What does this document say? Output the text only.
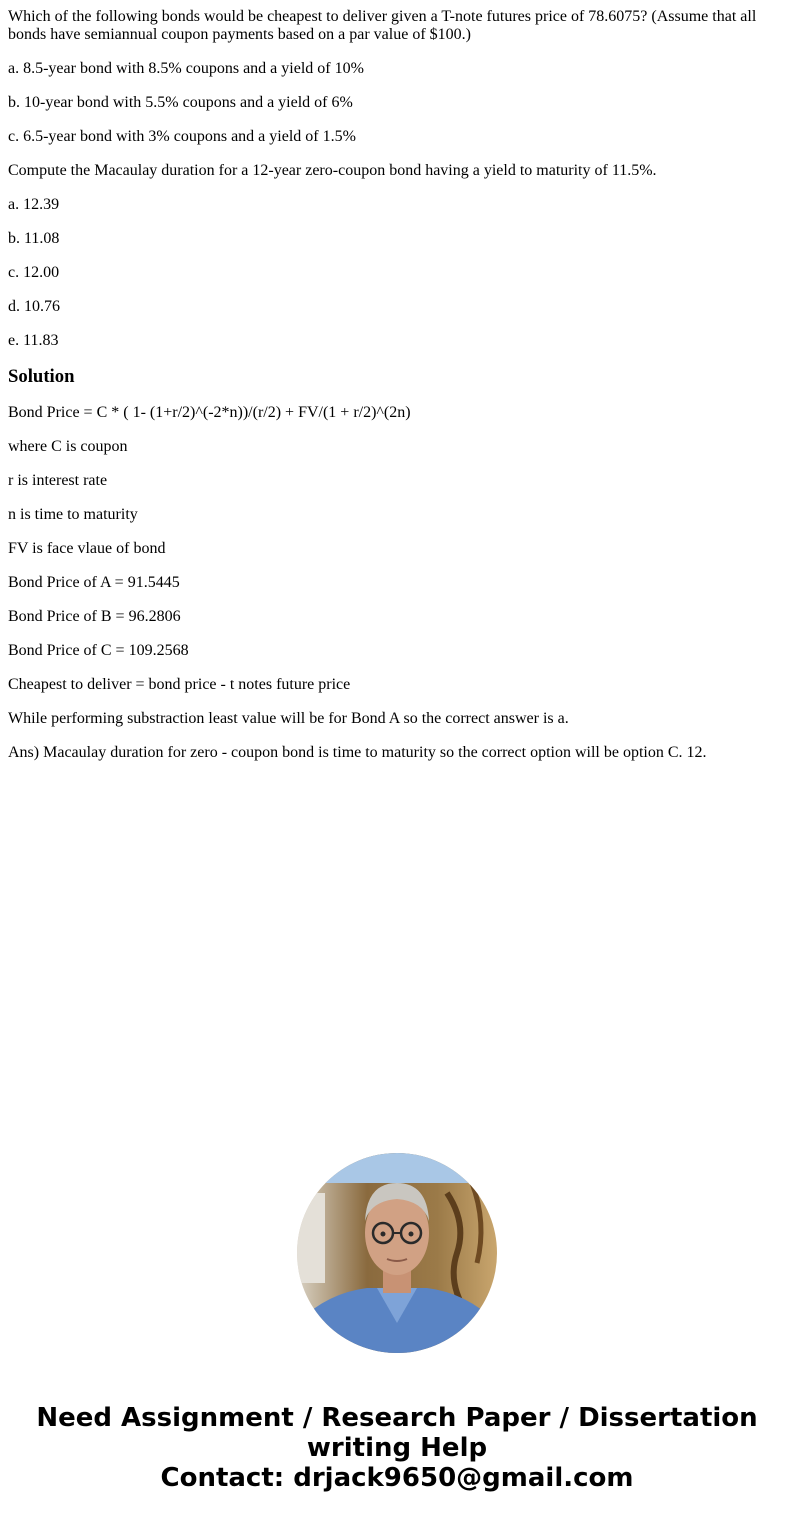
Which of the following bonds would be cheapest to deliver given a T-note futures price of 78.6075? (Assume that all bonds have semiannual coupon payments based on a par value of $100.)

a. 8.5-year bond with 8.5% coupons and a yield of 10%

b. 10-year bond with 5.5% coupons and a yield of 6%

c. 6.5-year bond with 3% coupons and a yield of 1.5%

Compute the Macaulay duration for a 12-year zero-coupon bond having a yield to maturity of 11.5%.

a. 12.39

b. 11.08

c. 12.00

d. 10.76

e. 11.83

Solution

Bond Price = C * ( 1- (1+r/2)^(-2*n))/(r/2) + FV/(1 + r/2)^(2n)

where C is coupon

r is interest rate

n is time to maturity

FV is face vlaue of bond

Bond Price of A = 91.5445

Bond Price of B = 96.2806

Bond Price of C = 109.2568

Cheapest to deliver = bond price - t notes future price

While performing substraction least value will be for Bond A so the correct answer is a.

Ans) Macaulay duration for zero - coupon bond is time to maturity so the correct option will be option C. 12.

Need Assignment / Research Paper / Dissertation
writing Help
Contact: drjack9650@gmail.com
